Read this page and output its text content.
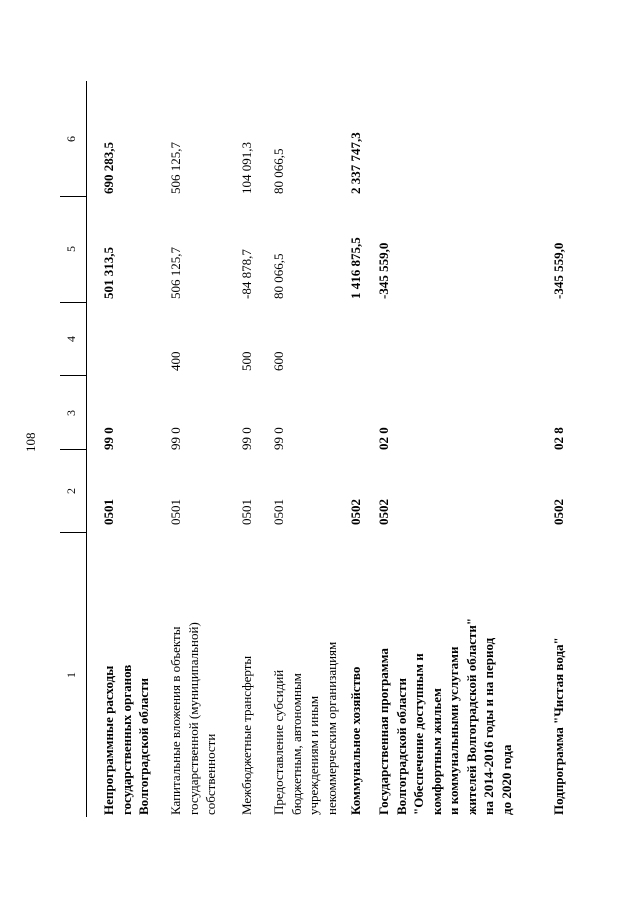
108
1
2
3
4
5
6
Непрограммные расходы
государственных органов
Волгоградской области
0501
99 0
501 313,5
690 283,5
Капитальные вложения в объекты
государственной (муниципальной)
собственности
0501
99 0
400
506 125,7
506 125,7
Межбюджетные трансферты
0501
99 0
500
-84 878,7
104 091,3
Предоставление субсидий
бюджетным, автономным
учреждениям и иным
некоммерческим организациям
0501
99 0
600
80 066,5
80 066,5
Коммунальное хозяйство
0502
1 416 875,5
2 337 747,3
Государственная программа
Волгоградской области
"Обеспечение доступным и
комфортным жильем
и коммунальными услугами
жителей Волгоградской области"
на 2014-2016 годы и на период
до 2020 года
0502
02 0
-345 559,0
Подпрограмма "Чистая вода"
0502
02 8
-345 559,0
